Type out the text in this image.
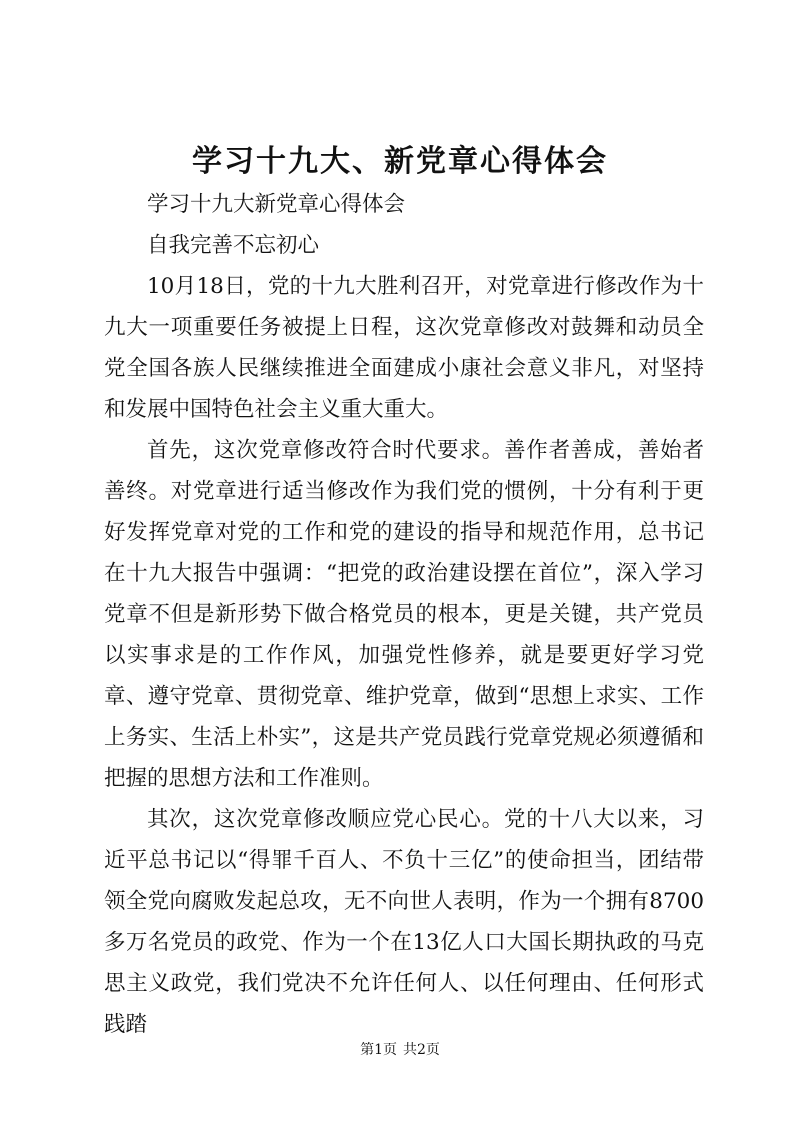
学习十九大、新党章心得体会

学习十九大新党章心得体会

自我完善不忘初心

10月18日，党的十九大胜利召开，对党章进行修改作为十九大一项重要任务被提上日程，这次党章修改对鼓舞和动员全党全国各族人民继续推进全面建成小康社会意义非凡，对坚持和发展中国特色社会主义重大重大。

首先，这次党章修改符合时代要求。善作者善成，善始者善终。对党章进行适当修改作为我们党的惯例，十分有利于更好发挥党章对党的工作和党的建设的指导和规范作用，总书记在十九大报告中强调：“把党的政治建设摆在首位”，深入学习党章不但是新形势下做合格党员的根本，更是关键，共产党员以实事求是的工作作风，加强党性修养，就是要更好学习党章、遵守党章、贯彻党章、维护党章，做到“思想上求实、工作上务实、生活上朴实”，这是共产党员践行党章党规必须遵循和把握的思想方法和工作准则。

其次，这次党章修改顺应党心民心。党的十八大以来，习近平总书记以“得罪千百人、不负十三亿”的使命担当，团结带领全党向腐败发起总攻，无不向世人表明，作为一个拥有8700多万名党员的政党、作为一个在13亿人口大国长期执政的马克思主义政党，我们党决不允许任何人、以任何理由、任何形式践踏

第1页 共2页
